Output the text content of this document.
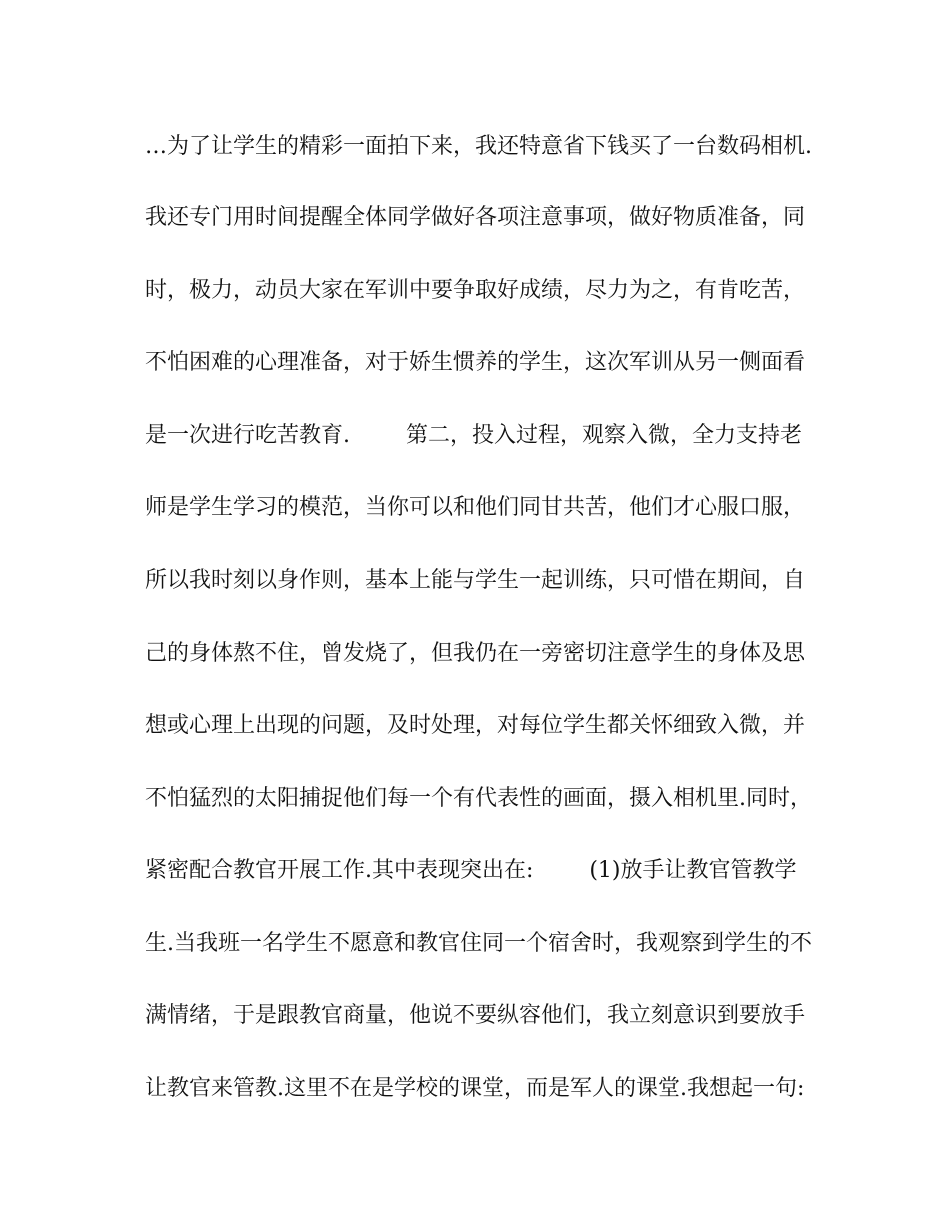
…为了让学生的精彩一面拍下来，我还特意省下钱买了一台数码相机.
我还专门用时间提醒全体同学做好各项注意事项，做好物质准备，同
时，极力，动员大家在军训中要争取好成绩，尽力为之，有肯吃苦，
不怕困难的心理准备，对于娇生惯养的学生，这次军训从另一侧面看
是一次进行吃苦教育.        第二，投入过程，观察入微，全力支持老
师是学生学习的模范，当你可以和他们同甘共苦，他们才心服口服，
所以我时刻以身作则，基本上能与学生一起训练，只可惜在期间，自
己的身体熬不住，曾发烧了，但我仍在一旁密切注意学生的身体及思
想或心理上出现的问题，及时处理，对每位学生都关怀细致入微，并
不怕猛烈的太阳捕捉他们每一个有代表性的画面，摄入相机里.同时，
紧密配合教官开展工作.其中表现突出在:        (1)放手让教官管教学
生.当我班一名学生不愿意和教官住同一个宿舍时，我观察到学生的不
满情绪，于是跟教官商量，他说不要纵容他们，我立刻意识到要放手
让教官来管教.这里不在是学校的课堂，而是军人的课堂.我想起一句:
